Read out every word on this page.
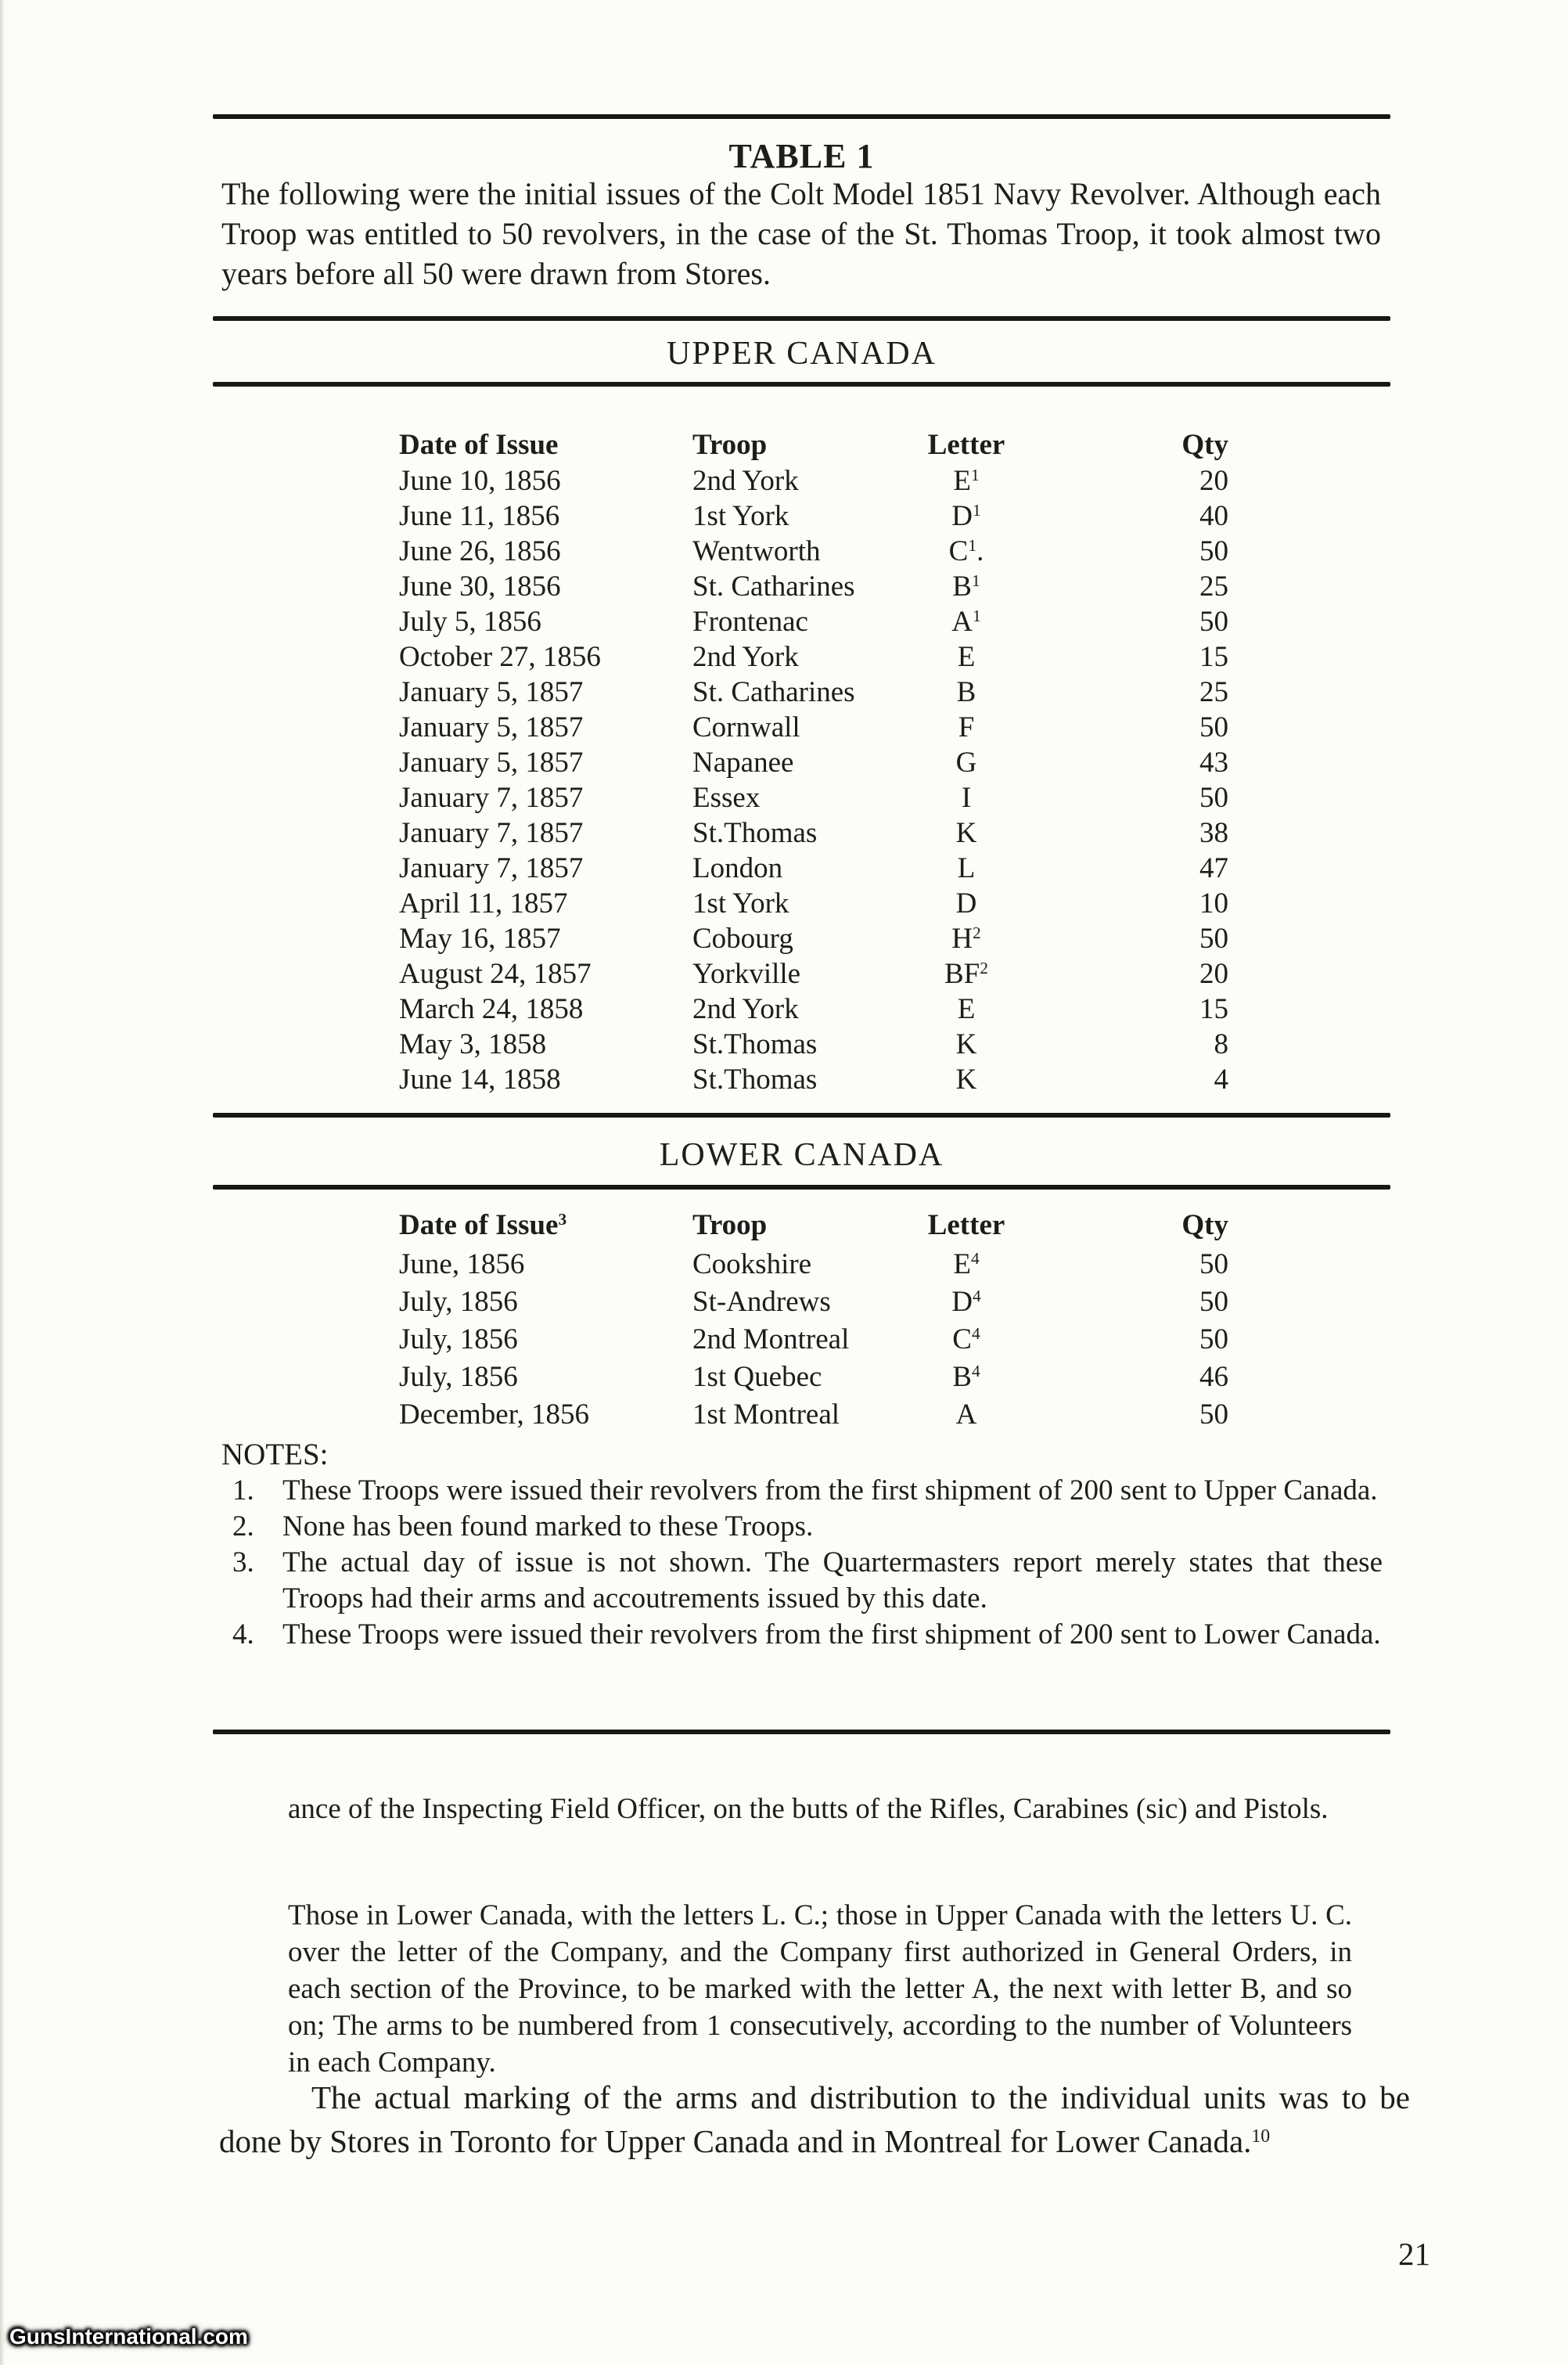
TABLE 1

The following were the initial issues of the Colt Model 1851 Navy Revolver. Although each Troop was entitled to 50 revolvers, in the case of the St. Thomas Troop, it took almost two years before all 50 were drawn from Stores.

UPPER CANADA
Date of Issue	Troop	Letter	Qty
June 10, 1856	2nd York	$E^1$	20
June 11, 1856	1st York	$D^1$	40
June 26, 1856	Wentworth	$C^1$.	50
June 30, 1856	St. Catharines	$B^1$	25
July 5, 1856	Frontenac	$A^1$	50
October 27, 1856	2nd York	E	15
January 5, 1857	St. Catharines	B	25
January 5, 1857	Cornwall	F	50
January 5, 1857	Napanee	G	43
January 7, 1857	Essex	I	50
January 7, 1857	St.Thomas	K	38
January 7, 1857	London	L	47
April 11, 1857	1st York	D	10
May 16, 1857	Cobourg	$H^2$	50
August 24, 1857	Yorkville	$BF^2$	20
March 24, 1858	2nd York	E	15
May 3, 1858	St.Thomas	K	8
June 14, 1858	St.Thomas	K	4
LOWER CANADA
Date of Issue$^3$	Troop	Letter	Qty
June, 1856	Cookshire	$E^4$	50
July, 1856	St-Andrews	$D^4$	50
July, 1856	2nd Montreal	$C^4$	50
July, 1856	1st Quebec	$B^4$	46
December, 1856	1st Montreal	A	50
NOTES:

1. These Troops were issued their revolvers from the first shipment of 200 sent to Upper Canada.

2. None has been found marked to these Troops.

3. The actual day of issue is not shown. The Quartermasters report merely states that these Troops had their arms and accoutrements issued by this date.

4. These Troops were issued their revolvers from the first shipment of 200 sent to Lower Canada.

ance of the Inspecting Field Officer, on the butts of the Rifles, Carabines (sic) and Pistols.

Those in Lower Canada, with the letters L. C.; those in Upper Canada with the letters U. C. over the letter of the Company, and the Company first authorized in General Orders, in each section of the Province, to be marked with the letter A, the next with letter B, and so on; The arms to be numbered from 1 consecutively, according to the number of Volunteers in each Company.

The actual marking of the arms and distribution to the individual units was to be done by Stores in Toronto for Upper Canada and in Montreal for Lower Canada.$^{10}$

21
GunsInternational.com
